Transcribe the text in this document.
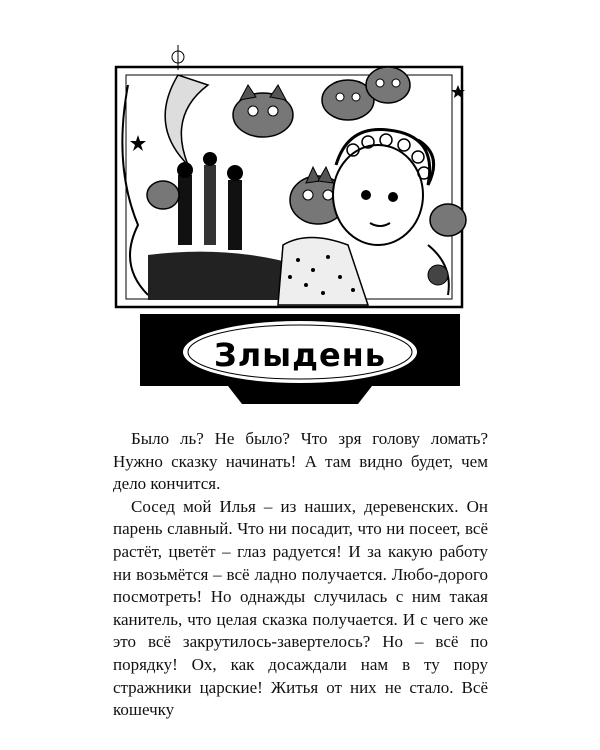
Злыдень

Было ль? Не было? Что зря голову ломать? Нужно сказку начинать! А там видно будет, чем дело кончится.

Сосед мой Илья – из наших, деревенских. Он парень славный. Что ни посадит, что ни посеет, всё растёт, цветёт – глаз радуется! И за какую работу ни возьмётся – всё ладно получается. Любо-дорого посмотреть! Но однажды случилась с ним такая канитель, что целая сказка получается. И с чего же это всё закрутилось-завертелось? Но – всё по порядку! Ох, как досаждали нам в ту пору стражники царские! Житья от них не стало. Всё кошечку
